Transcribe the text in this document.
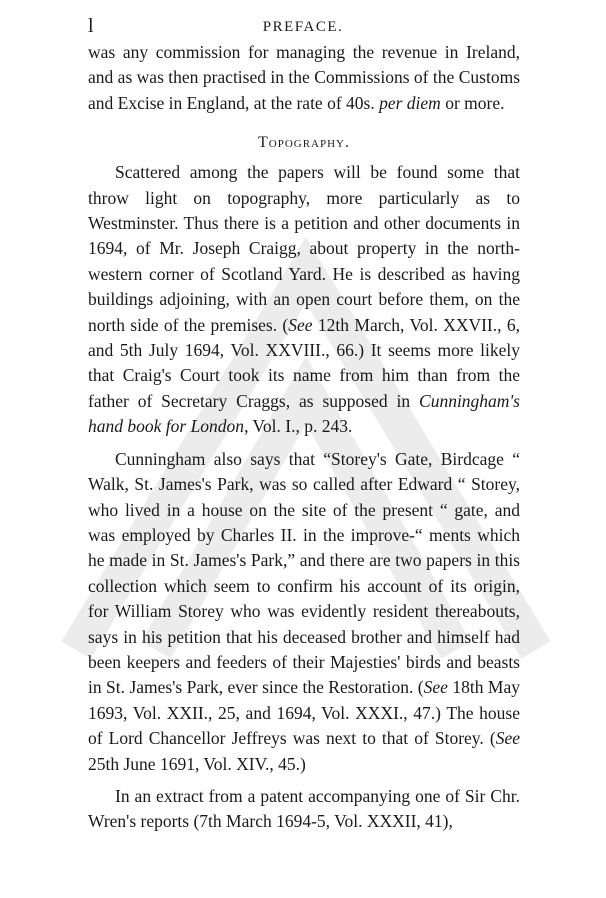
l	PREFACE.

was any commission for managing the revenue in Ireland, and as was then practised in the Commissions of the Customs and Excise in England, at the rate of 40s. per diem or more.

Topography.

Scattered among the papers will be found some that throw light on topography, more particularly as to Westminster. Thus there is a petition and other documents in 1694, of Mr. Joseph Craigg, about property in the north-western corner of Scotland Yard. He is described as having buildings adjoining, with an open court before them, on the north side of the premises. (See 12th March, Vol. XXVII., 6, and 5th July 1694, Vol. XXVIII., 66.) It seems more likely that Craig's Court took its name from him than from the father of Secretary Craggs, as supposed in Cunningham's hand book for London, Vol. I., p. 243.

Cunningham also says that “Storey's Gate, Birdcage “ Walk, St. James's Park, was so called after Edward “ Storey, who lived in a house on the site of the present “ gate, and was employed by Charles II. in the improve-“ ments which he made in St. James's Park,” and there are two papers in this collection which seem to confirm his account of its origin, for William Storey who was evidently resident thereabouts, says in his petition that his deceased brother and himself had been keepers and feeders of their Majesties' birds and beasts in St. James's Park, ever since the Restoration. (See 18th May 1693, Vol. XXII., 25, and 1694, Vol. XXXI., 47.) The house of Lord Chancellor Jeffreys was next to that of Storey. (See 25th June 1691, Vol. XIV., 45.)

In an extract from a patent accompanying one of Sir Chr. Wren's reports (7th March 1694-5, Vol. XXXII, 41),
